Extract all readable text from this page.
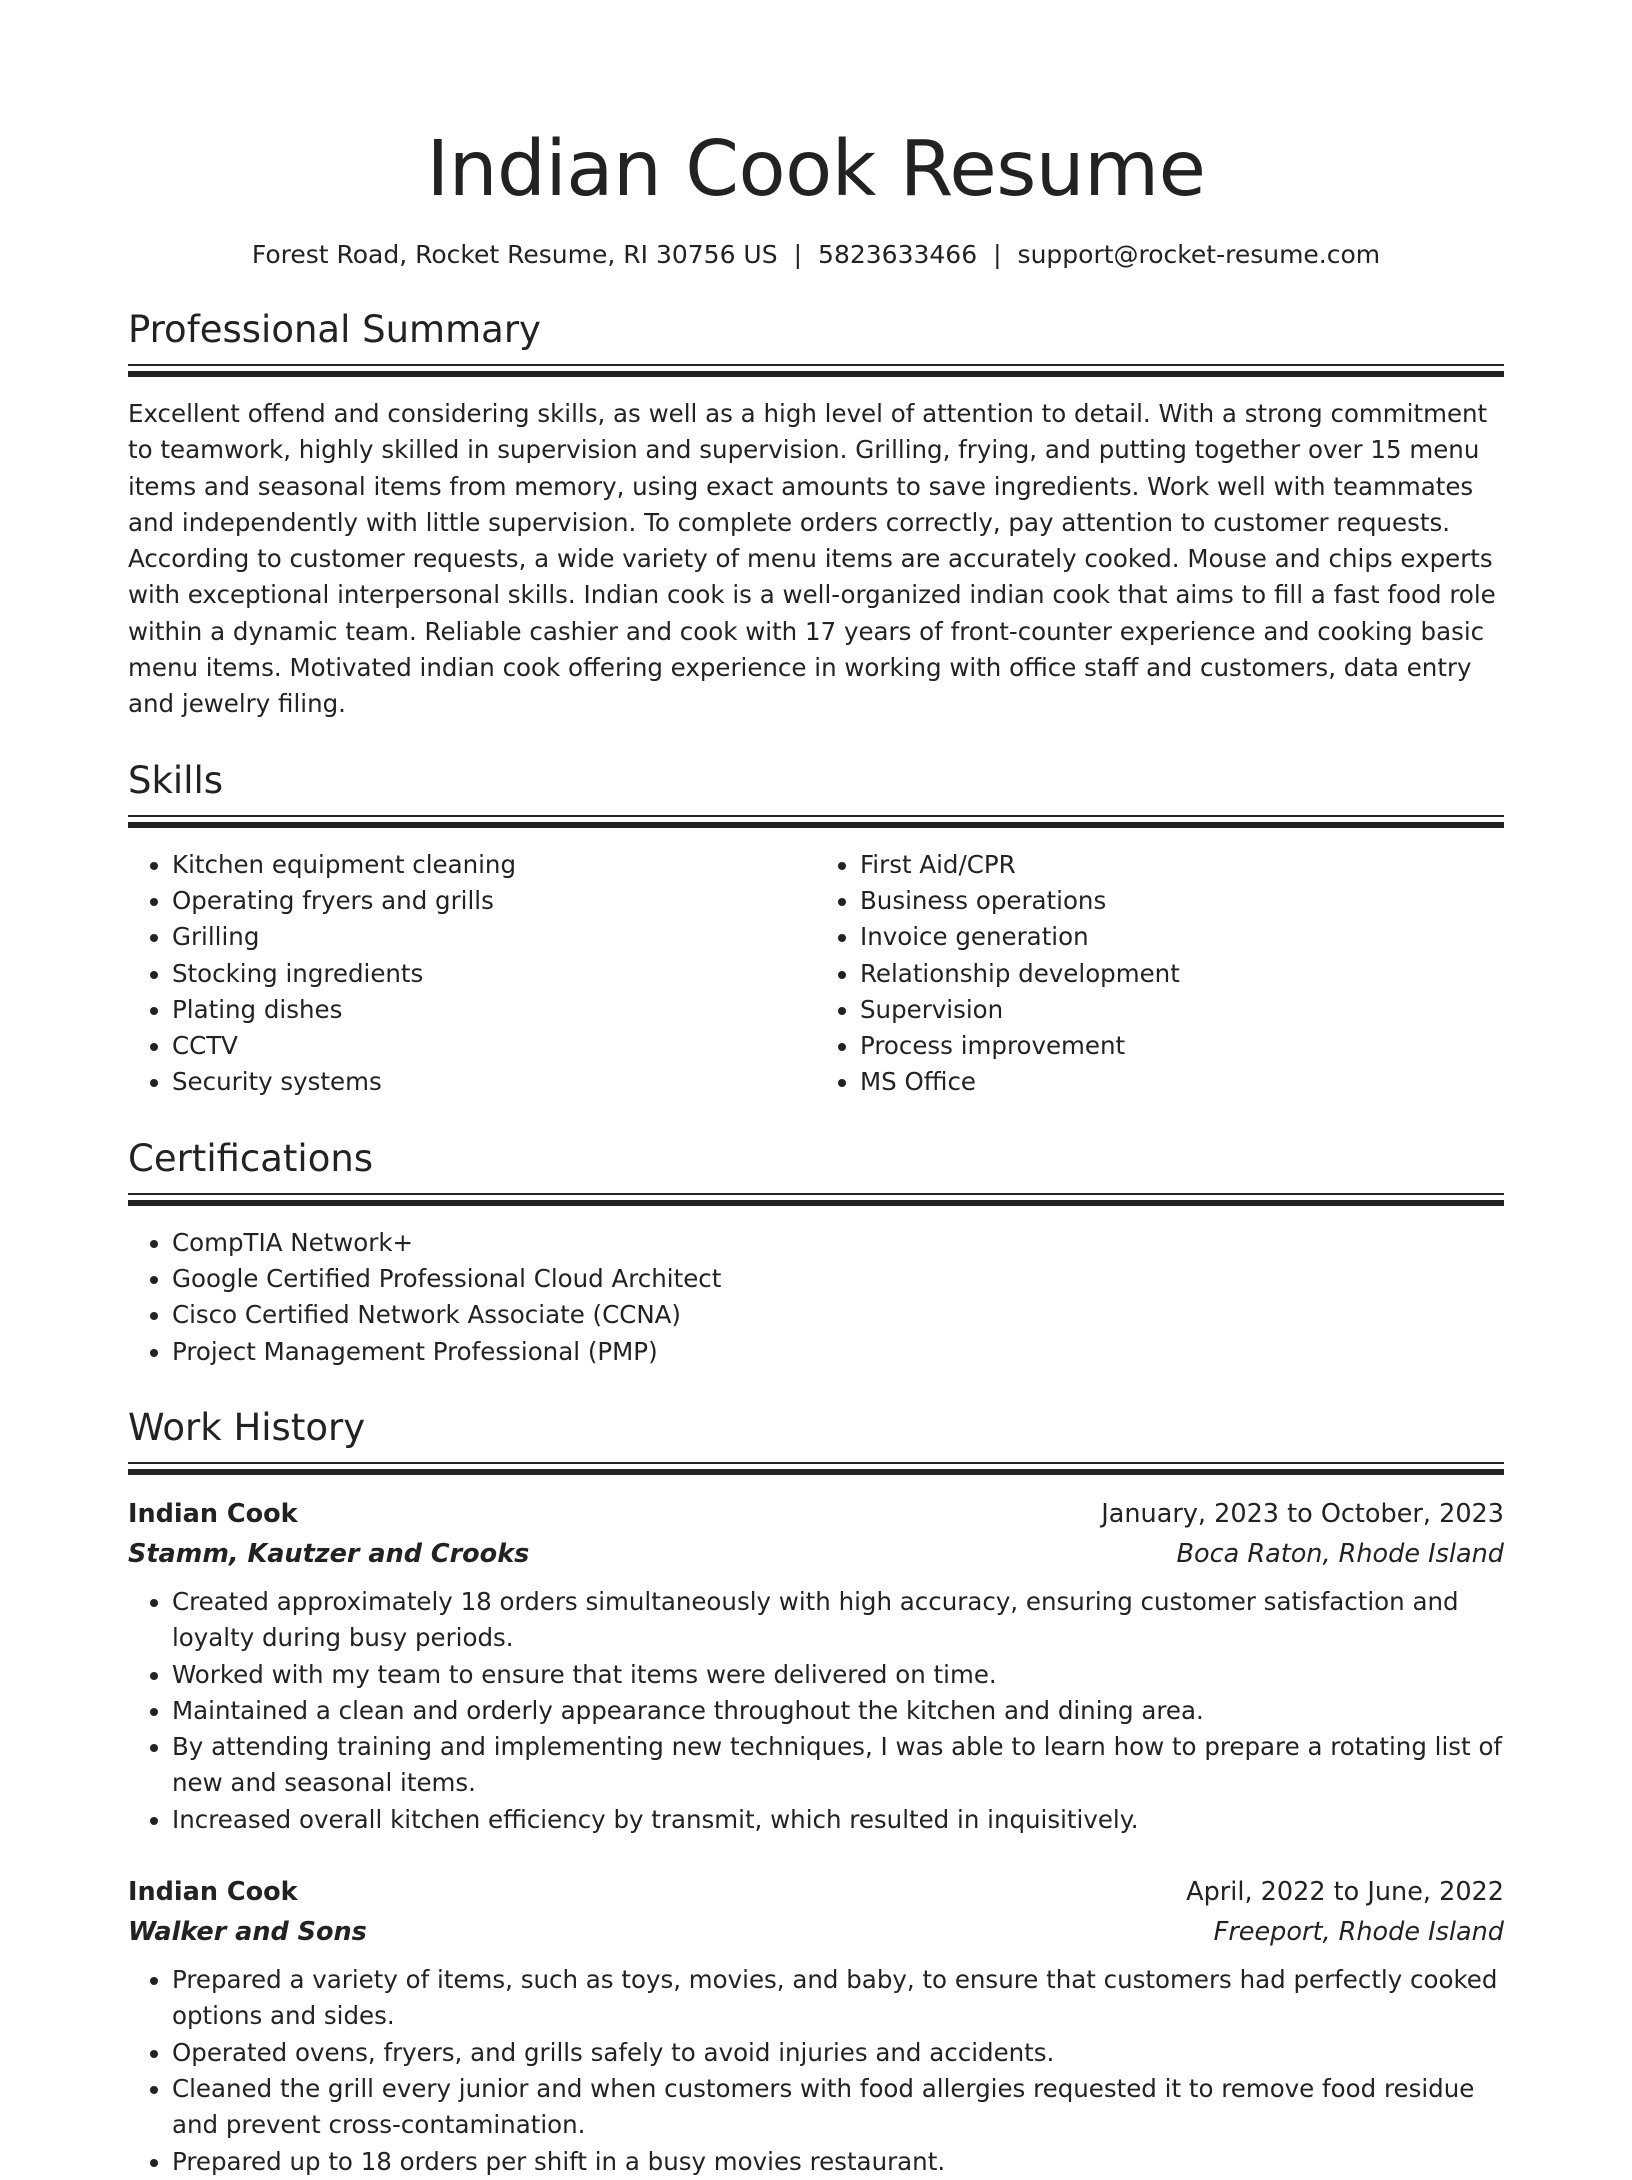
Indian Cook Resume
Forest Road, Rocket Resume, RI 30756 US | 5823633466 | support@rocket-resume.com
Professional Summary

Excellent offend and considering skills, as well as a high level of attention to detail. With a strong commitment to teamwork, highly skilled in supervision and supervision. Grilling, frying, and putting together over 15 menu items and seasonal items from memory, using exact amounts to save ingredients. Work well with teammates and independently with little supervision. To complete orders correctly, pay attention to customer requests. According to customer requests, a wide variety of menu items are accurately cooked. Mouse and chips experts with exceptional interpersonal skills. Indian cook is a well-organized indian cook that aims to fill a fast food role within a dynamic team. Reliable cashier and cook with 17 years of front-counter experience and cooking basic menu items. Motivated indian cook offering experience in working with office staff and customers, data entry and jewelry filing.

Skills
• Kitchen equipment cleaning
• Operating fryers and grills
• Grilling
• Stocking ingredients
• Plating dishes
• CCTV
• Security systems
• First Aid/CPR
• Business operations
• Invoice generation
• Relationship development
• Supervision
• Process improvement
• MS Office
Certifications
• CompTIA Network+
• Google Certified Professional Cloud Architect
• Cisco Certified Network Associate (CCNA)
• Project Management Professional (PMP)
Work History
Indian Cook	January, 2023 to October, 2023
Stamm, Kautzer and Crooks	Boca Raton, Rhode Island
• Created approximately 18 orders simultaneously with high accuracy, ensuring customer satisfaction and loyalty during busy periods.
• Worked with my team to ensure that items were delivered on time.
• Maintained a clean and orderly appearance throughout the kitchen and dining area.
• By attending training and implementing new techniques, I was able to learn how to prepare a rotating list of new and seasonal items.
• Increased overall kitchen efficiency by transmit, which resulted in inquisitively.
Indian Cook	April, 2022 to June, 2022
Walker and Sons	Freeport, Rhode Island
• Prepared a variety of items, such as toys, movies, and baby, to ensure that customers had perfectly cooked options and sides.
• Operated ovens, fryers, and grills safely to avoid injuries and accidents.
• Cleaned the grill every junior and when customers with food allergies requested it to remove food residue and prevent cross-contamination.
• Prepared up to 18 orders per shift in a busy movies restaurant.
